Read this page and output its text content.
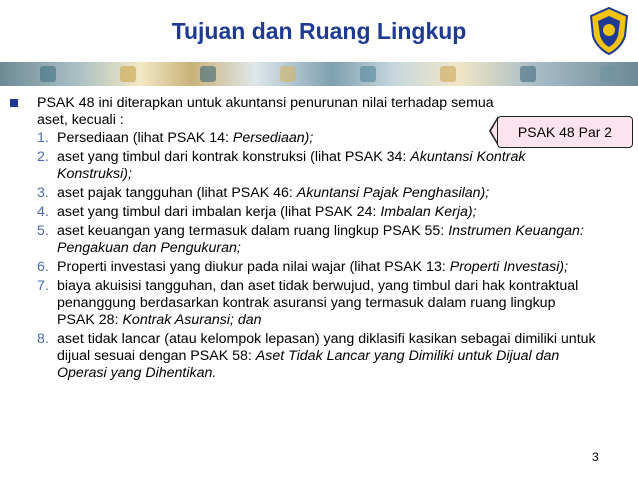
Tujuan dan Ruang Lingkup
PSAK 48 ini diterapkan untuk akuntansi penurunan nilai terhadap semua
aset, kecuali :
PSAK 48 Par 2
1. Persediaan (lihat PSAK 14: Persediaan);
2. aset yang timbul dari kontrak konstruksi (lihat PSAK 34: Akuntansi Kontrak Konstruksi);
3. aset pajak tangguhan (lihat PSAK 46: Akuntansi Pajak Penghasilan);
4. aset yang timbul dari imbalan kerja (lihat PSAK 24: Imbalan Kerja);
5. aset keuangan yang termasuk dalam ruang lingkup PSAK 55: Instrumen Keuangan: Pengakuan dan Pengukuran;
6. Properti investasi yang diukur pada nilai wajar (lihat PSAK 13: Properti Investasi);
7. biaya akuisisi tangguhan, dan aset tidak berwujud, yang timbul dari hak kontraktual penanggung berdasarkan kontrak asuransi yang termasuk dalam ruang lingkup PSAK 28: Kontrak Asuransi; dan
8. aset tidak lancar (atau kelompok lepasan) yang diklasifi kasikan sebagai dimiliki untuk dijual sesuai dengan PSAK 58: Aset Tidak Lancar yang Dimiliki untuk Dijual dan Operasi yang Dihentikan.
3
